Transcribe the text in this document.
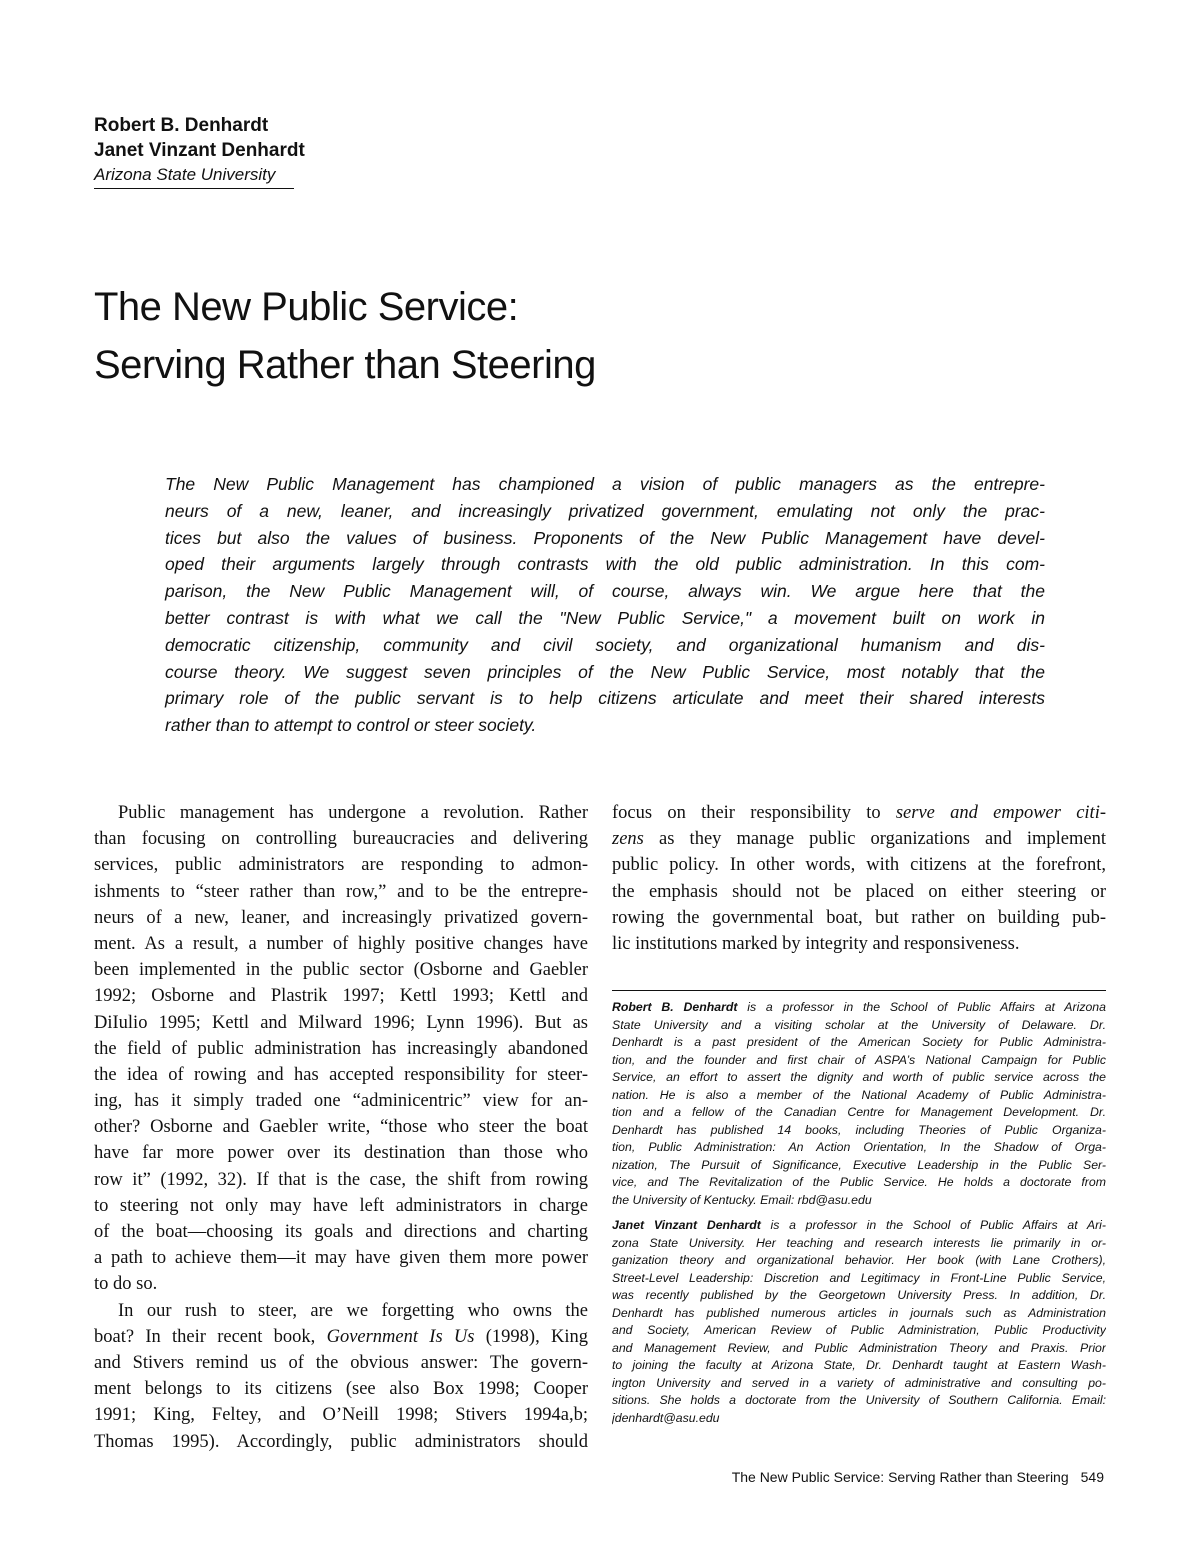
Robert B. Denhardt
Janet Vinzant Denhardt
Arizona State University
The New Public Service:
Serving Rather than Steering
The New Public Management has championed a vision of public managers as the entrepre-
neurs of a new, leaner, and increasingly privatized government, emulating not only the prac-
tices but also the values of business. Proponents of the New Public Management have devel-
oped their arguments largely through contrasts with the old public administration. In this com-
parison, the New Public Management will, of course, always win. We argue here that the
better contrast is with what we call the "New Public Service," a movement built on work in
democratic citizenship, community and civil society, and organizational humanism and dis-
course theory. We suggest seven principles of the New Public Service, most notably that the
primary role of the public servant is to help citizens articulate and meet their shared interests
rather than to attempt to control or steer society.
Public management has undergone a revolution. Rather
than focusing on controlling bureaucracies and delivering
services, public administrators are responding to admon-
ishments to “steer rather than row,” and to be the entrepre-
neurs of a new, leaner, and increasingly privatized govern-
ment. As a result, a number of highly positive changes have
been implemented in the public sector (Osborne and Gaebler
1992; Osborne and Plastrik 1997; Kettl 1993; Kettl and
DiIulio 1995; Kettl and Milward 1996; Lynn 1996). But as
the field of public administration has increasingly abandoned
the idea of rowing and has accepted responsibility for steer-
ing, has it simply traded one “adminicentric” view for an-
other? Osborne and Gaebler write, “those who steer the boat
have far more power over its destination than those who
row it” (1992, 32). If that is the case, the shift from rowing
to steering not only may have left administrators in charge
of the boat—choosing its goals and directions and charting
a path to achieve them—it may have given them more power
to do so.
In our rush to steer, are we forgetting who owns the
boat? In their recent book, Government Is Us (1998), King
and Stivers remind us of the obvious answer: The govern-
ment belongs to its citizens (see also Box 1998; Cooper
1991; King, Feltey, and O’Neill 1998; Stivers 1994a,b;
Thomas 1995). Accordingly, public administrators should
focus on their responsibility to serve and empower citi-
zens as they manage public organizations and implement
public policy. In other words, with citizens at the forefront,
the emphasis should not be placed on either steering or
rowing the governmental boat, but rather on building pub-
lic institutions marked by integrity and responsiveness.
Robert B. Denhardt is a professor in the School of Public Affairs at Arizona
State University and a visiting scholar at the University of Delaware. Dr.
Denhardt is a past president of the American Society for Public Administra-
tion, and the founder and first chair of ASPA’s National Campaign for Public
Service, an effort to assert the dignity and worth of public service across the
nation. He is also a member of the National Academy of Public Administra-
tion and a fellow of the Canadian Centre for Management Development. Dr.
Denhardt has published 14 books, including Theories of Public Organiza-
tion, Public Administration: An Action Orientation, In the Shadow of Orga-
nization, The Pursuit of Significance, Executive Leadership in the Public Ser-
vice, and The Revitalization of the Public Service. He holds a doctorate from
the University of Kentucky. Email: rbd@asu.edu
Janet Vinzant Denhardt is a professor in the School of Public Affairs at Ari-
zona State University. Her teaching and research interests lie primarily in or-
ganization theory and organizational behavior. Her book (with Lane Crothers),
Street-Level Leadership: Discretion and Legitimacy in Front-Line Public Service,
was recently published by the Georgetown University Press. In addition, Dr.
Denhardt has published numerous articles in journals such as Administration
and Society, American Review of Public Administration, Public Productivity
and Management Review, and Public Administration Theory and Praxis. Prior
to joining the faculty at Arizona State, Dr. Denhardt taught at Eastern Wash-
ington University and served in a variety of administrative and consulting po-
sitions. She holds a doctorate from the University of Southern California. Email:
jdenhardt@asu.edu
The New Public Service: Serving Rather than Steering 549
